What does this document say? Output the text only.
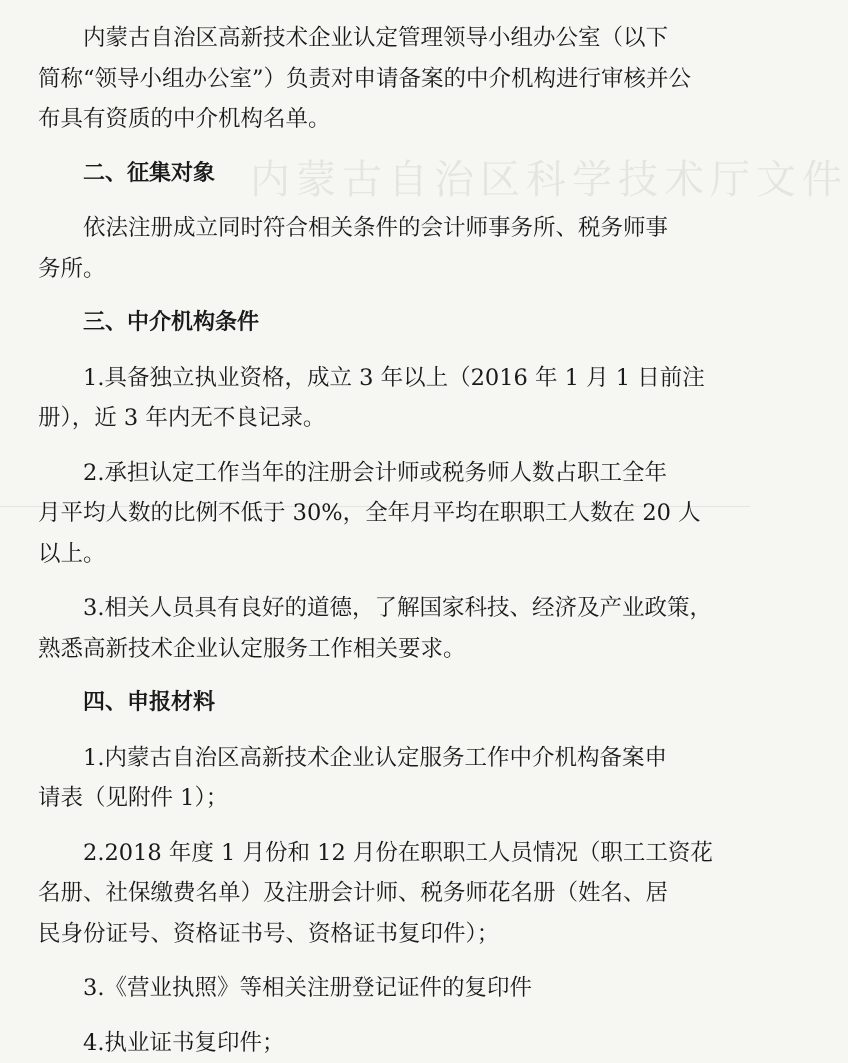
内蒙古自治区科学技术厅文件
内蒙古自治区高新技术企业认定管理领导小组办公室（以下
简称“领导小组办公室”）负责对申请备案的中介机构进行审核并公
布具有资质的中介机构名单。
二、征集对象
依法注册成立同时符合相关条件的会计师事务所、税务师事
务所。
三、中介机构条件
1.具备独立执业资格，成立 3 年以上（2016 年 1 月 1 日前注
册），近 3 年内无不良记录。
2.承担认定工作当年的注册会计师或税务师人数占职工全年
月平均人数的比例不低于 30%，全年月平均在职职工人数在 20 人
以上。
3.相关人员具有良好的道德，了解国家科技、经济及产业政策，
熟悉高新技术企业认定服务工作相关要求。
四、申报材料
1.内蒙古自治区高新技术企业认定服务工作中介机构备案申
请表（见附件 1）；
2.2018 年度 1 月份和 12 月份在职职工人员情况（职工工资花
名册、社保缴费名单）及注册会计师、税务师花名册（姓名、居
民身份证号、资格证书号、资格证书复印件）；
3.《营业执照》等相关注册登记证件的复印件
4.执业证书复印件；
